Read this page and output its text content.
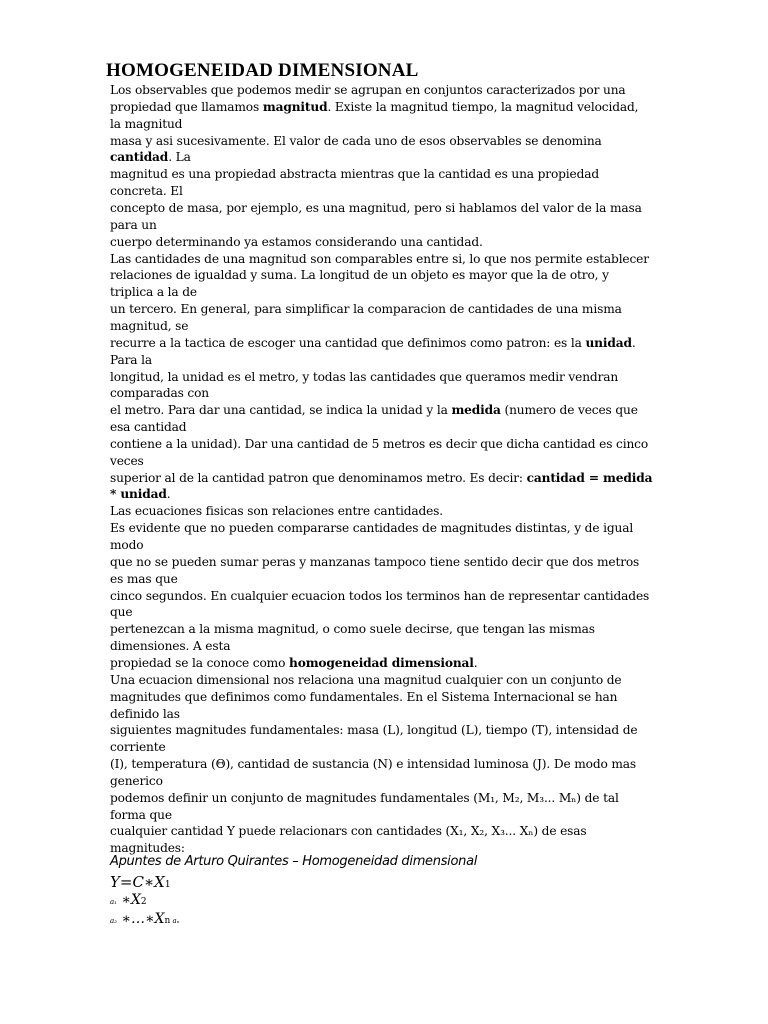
HOMOGENEIDAD DIMENSIONAL
Los observables que podemos medir se agrupan en conjuntos caracterizados por una
propiedad que llamamos magnitud. Existe la magnitud tiempo, la magnitud velocidad,
la magnitud
masa y asi sucesivamente. El valor de cada uno de esos observables se denomina
cantidad. La
magnitud es una propiedad abstracta mientras que la cantidad es una propiedad
concreta. El
concepto de masa, por ejemplo, es una magnitud, pero si hablamos del valor de la masa
para un
cuerpo determinando ya estamos considerando una cantidad.
Las cantidades de una magnitud son comparables entre si, lo que nos permite establecer
relaciones de igualdad y suma. La longitud de un objeto es mayor que la de otro, y
triplica a la de
un tercero. En general, para simplificar la comparacion de cantidades de una misma
magnitud, se
recurre a la tactica de escoger una cantidad que definimos como patron: es la unidad.
Para la
longitud, la unidad es el metro, y todas las cantidades que queramos medir vendran
comparadas con
el metro. Para dar una cantidad, se indica la unidad y la medida (numero de veces que
esa cantidad
contiene a la unidad). Dar una cantidad de 5 metros es decir que dicha cantidad es cinco
veces
superior al de la cantidad patron que denominamos metro. Es decir: cantidad = medida
* unidad.
Las ecuaciones fisicas son relaciones entre cantidades.
Es evidente que no pueden compararse cantidades de magnitudes distintas, y de igual
modo
que no se pueden sumar peras y manzanas tampoco tiene sentido decir que dos metros
es mas que
cinco segundos. En cualquier ecuacion todos los terminos han de representar cantidades
que
pertenezcan a la misma magnitud, o como suele decirse, que tengan las mismas
dimensiones. A esta
propiedad se la conoce como homogeneidad dimensional.
Una ecuacion dimensional nos relaciona una magnitud cualquier con un conjunto de
magnitudes que definimos como fundamentales. En el Sistema Internacional se han
definido las
siguientes magnitudes fundamentales: masa (L), longitud (L), tiempo (T), intensidad de
corriente
(I), temperatura (Θ), cantidad de sustancia (N) e intensidad luminosa (J). De modo mas
generico
podemos definir un conjunto de magnitudes fundamentales (M₁, M₂, M₃... Mₙ) de tal
forma que
cualquier cantidad Y puede relacionars con cantidades (X₁, X₂, X₃... Xₙ) de esas
magnitudes:
Apuntes de Arturo Quirantes – Homogeneidad dimensional
Y=C∗X1
a₁ ∗X2
a₂ ∗…∗Xn aₙ
